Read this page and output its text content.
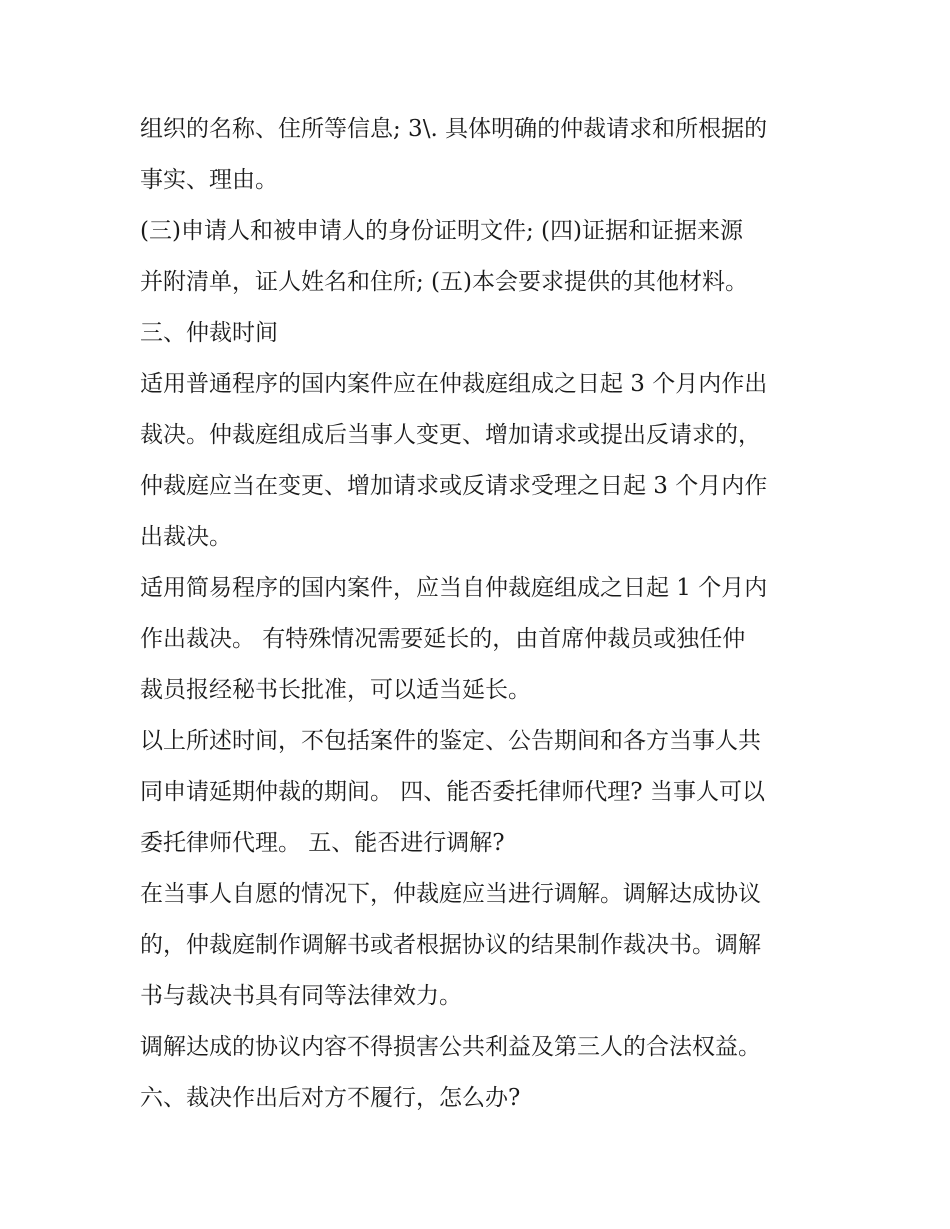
组织的名称、住所等信息; 3\. 具体明确的仲裁请求和所根据的
事实、理由。
(三)申请人和被申请人的身份证明文件; (四)证据和证据来源
并附清单，证人姓名和住所; (五)本会要求提供的其他材料。
三、仲裁时间
适用普通程序的国内案件应在仲裁庭组成之日起 3 个月内作出
裁决。仲裁庭组成后当事人变更、增加请求或提出反请求的，
仲裁庭应当在变更、增加请求或反请求受理之日起 3 个月内作
出裁决。
适用简易程序的国内案件，应当自仲裁庭组成之日起 1 个月内
作出裁决。 有特殊情况需要延长的，由首席仲裁员或独任仲
裁员报经秘书长批准，可以适当延长。
以上所述时间，不包括案件的鉴定、公告期间和各方当事人共
同申请延期仲裁的期间。 四、能否委托律师代理? 当事人可以
委托律师代理。 五、能否进行调解?
在当事人自愿的情况下，仲裁庭应当进行调解。调解达成协议
的，仲裁庭制作调解书或者根据协议的结果制作裁决书。调解
书与裁决书具有同等法律效力。
调解达成的协议内容不得损害公共利益及第三人的合法权益。
六、裁决作出后对方不履行，怎么办?
